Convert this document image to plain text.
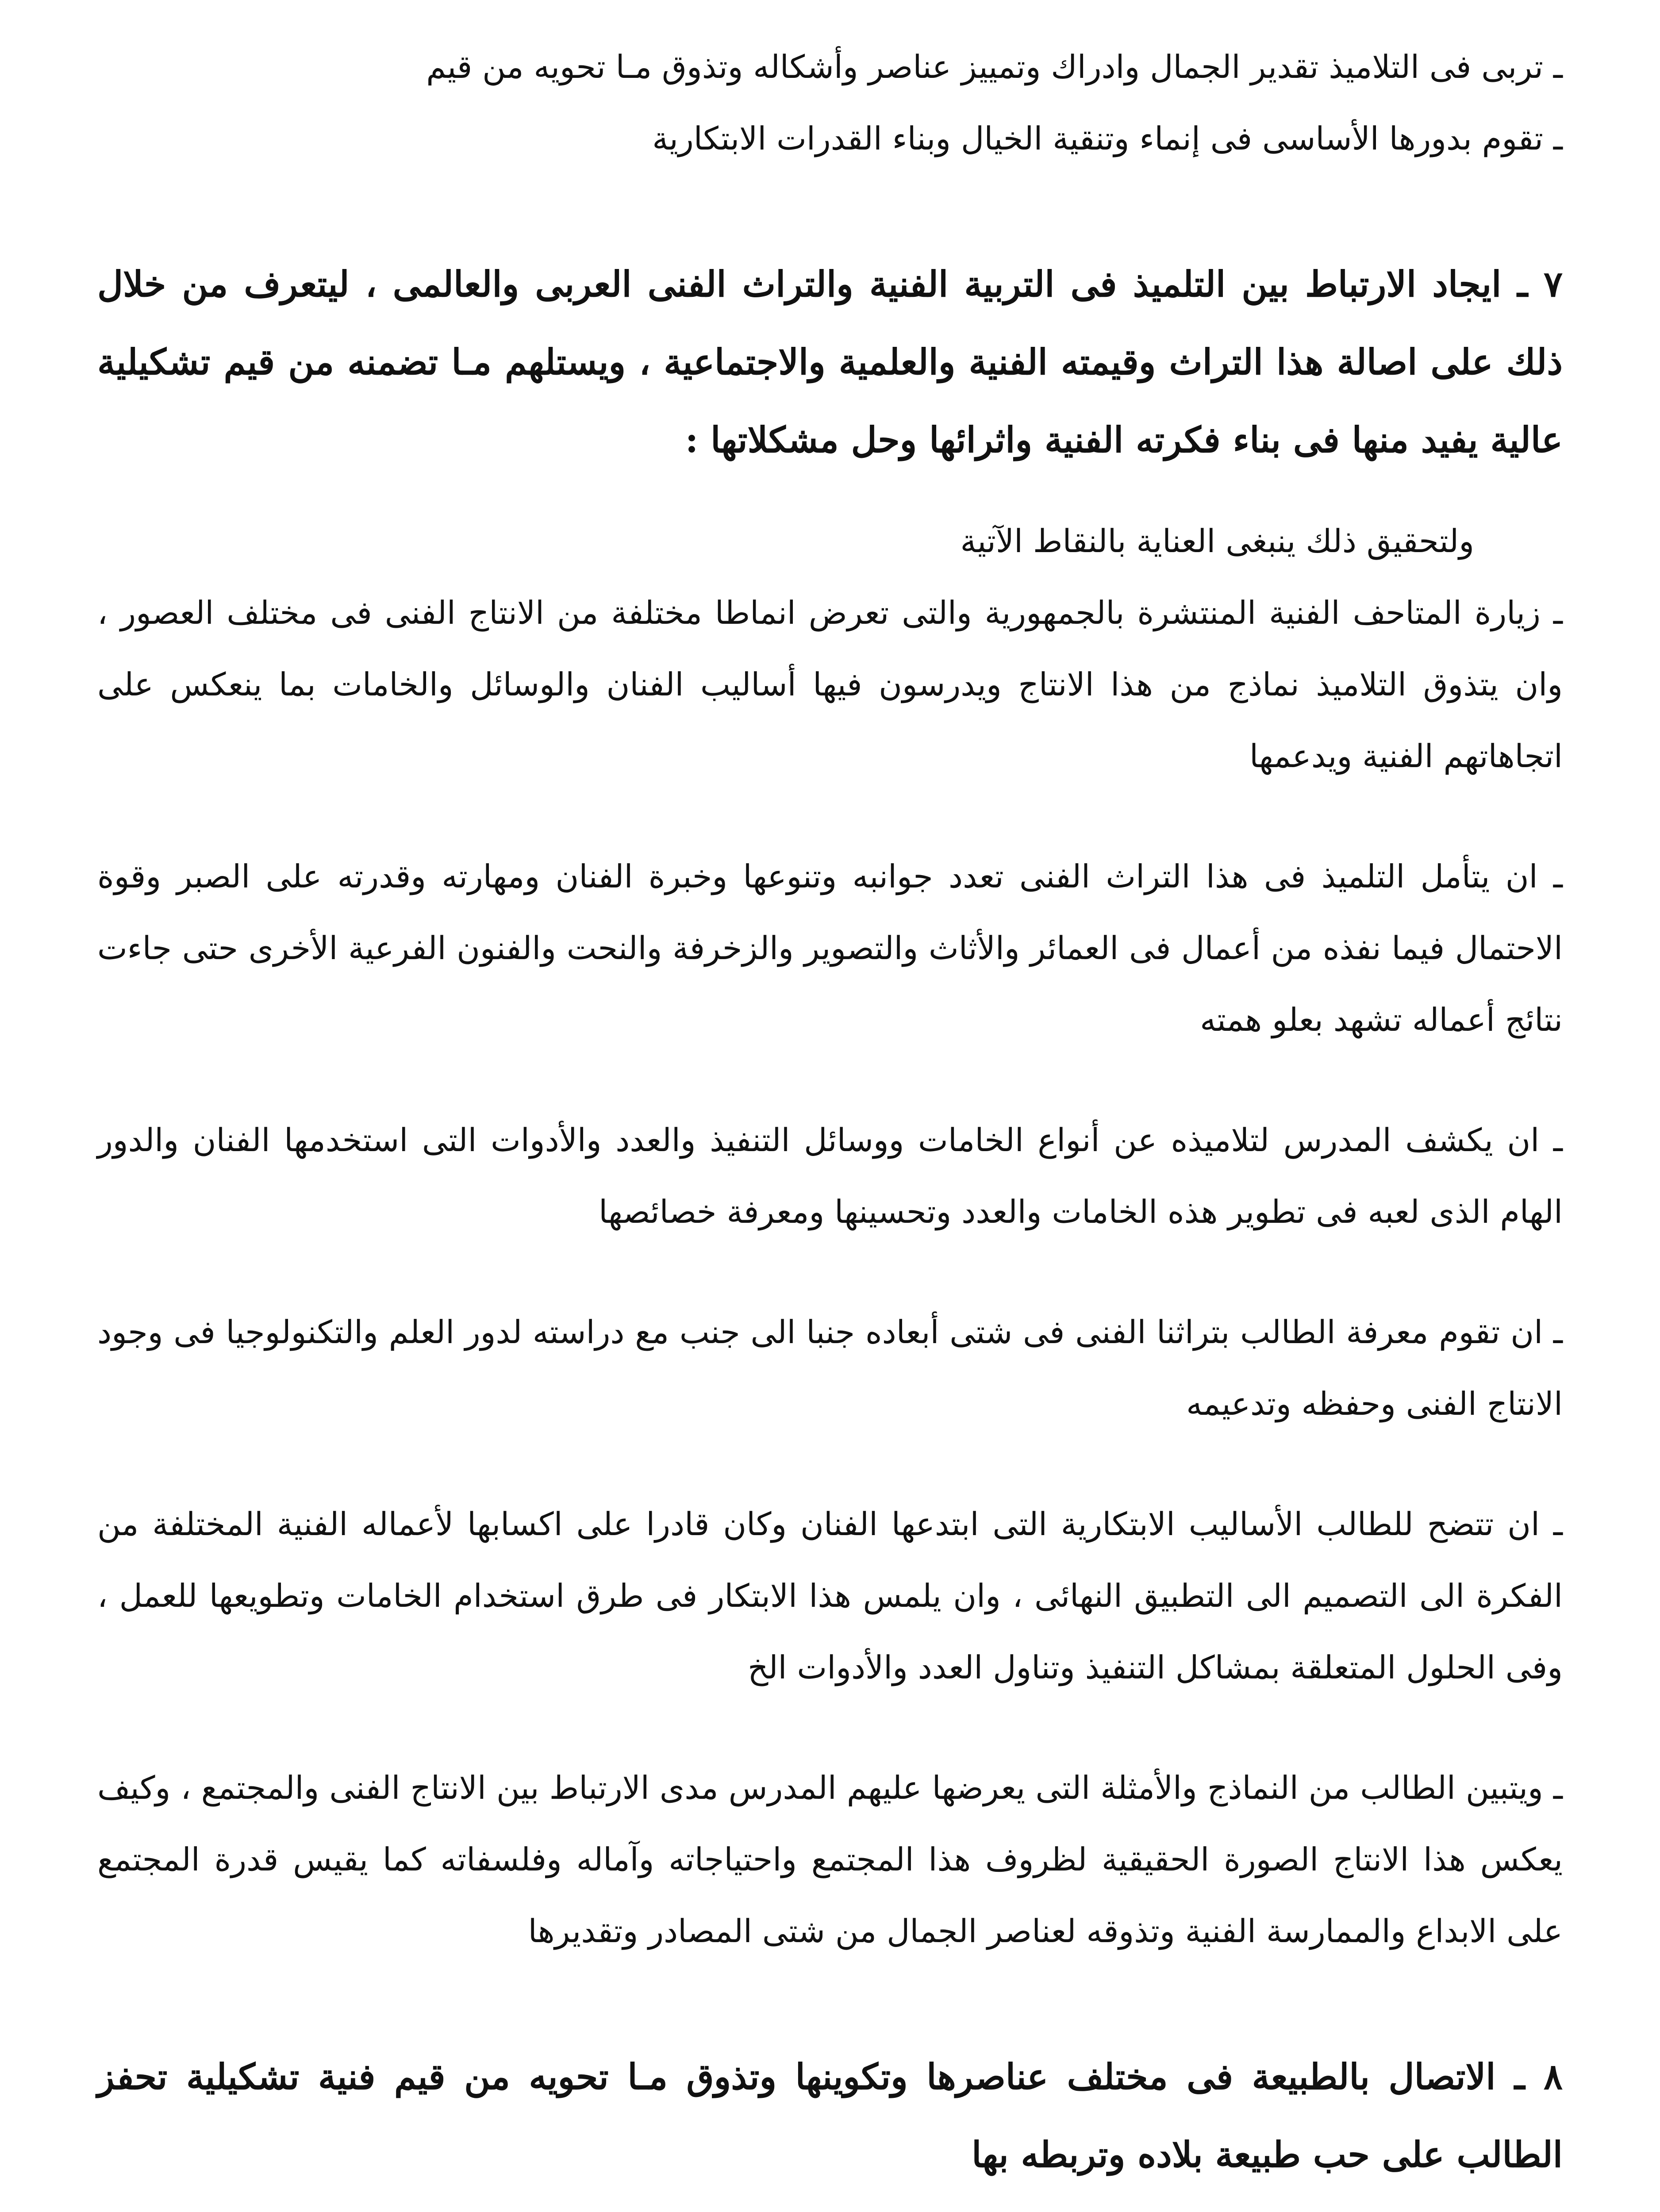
ـ تربى فى التلاميذ تقدير الجمال وادراك وتمييز عناصر وأشكاله وتذوق مـا تحويه من قيم

ـ تقوم بدورها الأساسى فى إنماء وتنقية الخيال وبناء القدرات الابتكارية

٧ ـ ايجاد الارتباط بين التلميذ فى التربية الفنية والتراث الفنى العربى والعالمى ، ليتعرف من خلال ذلك على اصالة هذا التراث وقيمته الفنية والعلمية والاجتماعية ، ويستلهم مـا تضمنه من قيم تشكيلية عالية يفيد منها فى بناء فكرته الفنية واثرائها وحل مشكلاتها :

ولتحقيق ذلك ينبغى العناية بالنقاط الآتية

ـ زيارة المتاحف الفنية المنتشرة بالجمهورية والتى تعرض انماطا مختلفة من الانتاج الفنى فى مختلف العصور ، وان يتذوق التلاميذ نماذج من هذا الانتاج ويدرسون فيها أساليب الفنان والوسائل والخامات بما ينعكس على اتجاهاتهم الفنية ويدعمها

ـ ان يتأمل التلميذ فى هذا التراث الفنى تعدد جوانبه وتنوعها وخبرة الفنان ومهارته وقدرته على الصبر وقوة الاحتمال فيما نفذه من أعمال فى العمائر والأثاث والتصوير والزخرفة والنحت والفنون الفرعية الأخرى حتى جاءت نتائج أعماله تشهد بعلو همته

ـ ان يكشف المدرس لتلاميذه عن أنواع الخامات ووسائل التنفيذ والعدد والأدوات التى استخدمها الفنان والدور الهام الذى لعبه فى تطوير هذه الخامات والعدد وتحسينها ومعرفة خصائصها

ـ ان تقوم معرفة الطالب بتراثنا الفنى فى شتى أبعاده جنبا الى جنب مع دراسته لدور العلم والتكنولوجيا فى وجود الانتاج الفنى وحفظه وتدعيمه

ـ ان تتضح للطالب الأساليب الابتكارية التى ابتدعها الفنان وكان قادرا على اكسابها لأعماله الفنية المختلفة من الفكرة الى التصميم الى التطبيق النهائى ، وان يلمس هذا الابتكار فى طرق استخدام الخامات وتطويعها للعمل ، وفى الحلول المتعلقة بمشاكل التنفيذ وتناول العدد والأدوات الخ

ـ ويتبين الطالب من النماذج والأمثلة التى يعرضها عليهم المدرس مدى الارتباط بين الانتاج الفنى والمجتمع ، وكيف يعكس هذا الانتاج الصورة الحقيقية لظروف هذا المجتمع واحتياجاته وآماله وفلسفاته كما يقيس قدرة المجتمع على الابداع والممارسة الفنية وتذوقه لعناصر الجمال من شتى المصادر وتقديرها

٨ ـ الاتصال بالطبيعة فى مختلف عناصرها وتكوينها وتذوق مـا تحويه من قيم فنية تشكيلية تحفز الطالب على حب طبيعة بلاده وتربطه بها
